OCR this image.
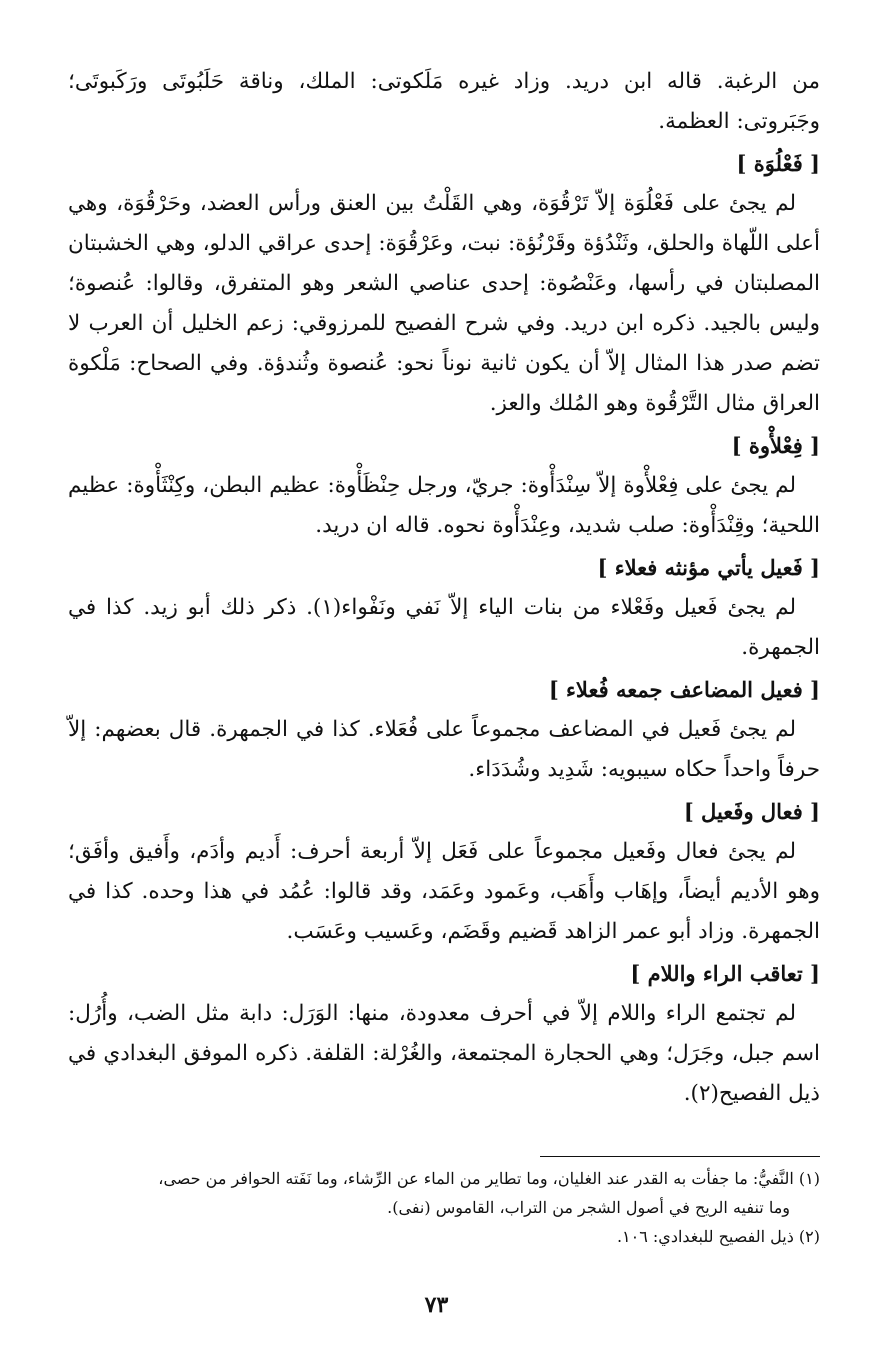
من الرغبة. قاله ابن دريد. وزاد غيره مَلَكوتى: الملك، وناقة حَلَبُوتَى ورَكَبوتَى؛ وجَبَروتى: العظمة.

[ فَعْلُوَة ]

لم يجئ على فَعْلُوَة إلاّ تَرْقُوَة، وهي القَلْتُ بين العنق ورأس العضد، وحَرْقُوَة، وهي أعلى اللّهاة والحلق، وثَنْدُؤة وقَرْنُؤة: نبت، وعَرْقُوَة: إحدى عراقي الدلو، وهي الخشبتان المصلبتان في رأسها، وعَنْصُوة: إحدى عناصي الشعر وهو المتفرق، وقالوا: عُنصوة؛ وليس بالجيد. ذكره ابن دريد. وفي شرح الفصيح للمرزوقي: زعم الخليل أن العرب لا تضم صدر هذا المثال إلاّ أن يكون ثانية نوناً نحو: عُنصوة وثُندؤة. وفي الصحاح: مَلْكوة العراق مثال التَّرْقُوة وهو المُلك والعز.

[ فِعْلأْوة ]

لم يجئ على فِعْلأْوة إلاّ سِنْدَأْوة: جريّ، ورجل حِنْظَأْوة: عظيم البطن، وكِنْثَأْوة: عظيم اللحية؛ وقِنْدَأْوة: صلب شديد، وعِنْدَأْوة نحوه. قاله ان دريد.

[ فَعيل يأتي مؤنثه فعلاء ]

لم يجئ فَعيل وفَعْلاء من بنات الياء إلاّ نَفي ونَفْواء(١). ذكر ذلك أبو زيد. كذا في الجمهرة.

[ فعيل المضاعف جمعه فُعلاء ]

لم يجئ فَعيل في المضاعف مجموعاً على فُعَلاء. كذا في الجمهرة. قال بعضهم: إلاّ حرفاً واحداً حكاه سيبويه: شَدِيد وشُدَدَاء.

[ فعال وفَعيل ]

لم يجئ فعال وفَعيل مجموعاً على فَعَل إلاّ أربعة أحرف: أَديم وأدَم، وأَفيق وأفَق؛ وهو الأديم أيضاً، وإهَاب وأَهَب، وعَمود وعَمَد، وقد قالوا: عُمُد في هذا وحده. كذا في الجمهرة. وزاد أبو عمر الزاهد قَضيم وقَضَم، وعَسيب وعَسَب.

[ تعاقب الراء واللام ]

لم تجتمع الراء واللام إلاّ في أحرف معدودة، منها: الوَرَل: دابة مثل الضب، وأُرُل: اسم جبل، وجَرَل؛ وهي الحجارة المجتمعة، والغُرْلة: القلفة. ذكره الموفق البغدادي في ذيل الفصيح(٢).

(١) النَّفيُّ: ما جفأت به القدر عند الغليان، وما تطاير من الماء عن الرِّشاء، وما نَفَته الحوافر من حصى،

وما تنفيه الريح في أصول الشجر من التراب، القاموس (نفى).

(٢) ذيل الفصيح للبغدادي: ١٠٦.

٧٣
